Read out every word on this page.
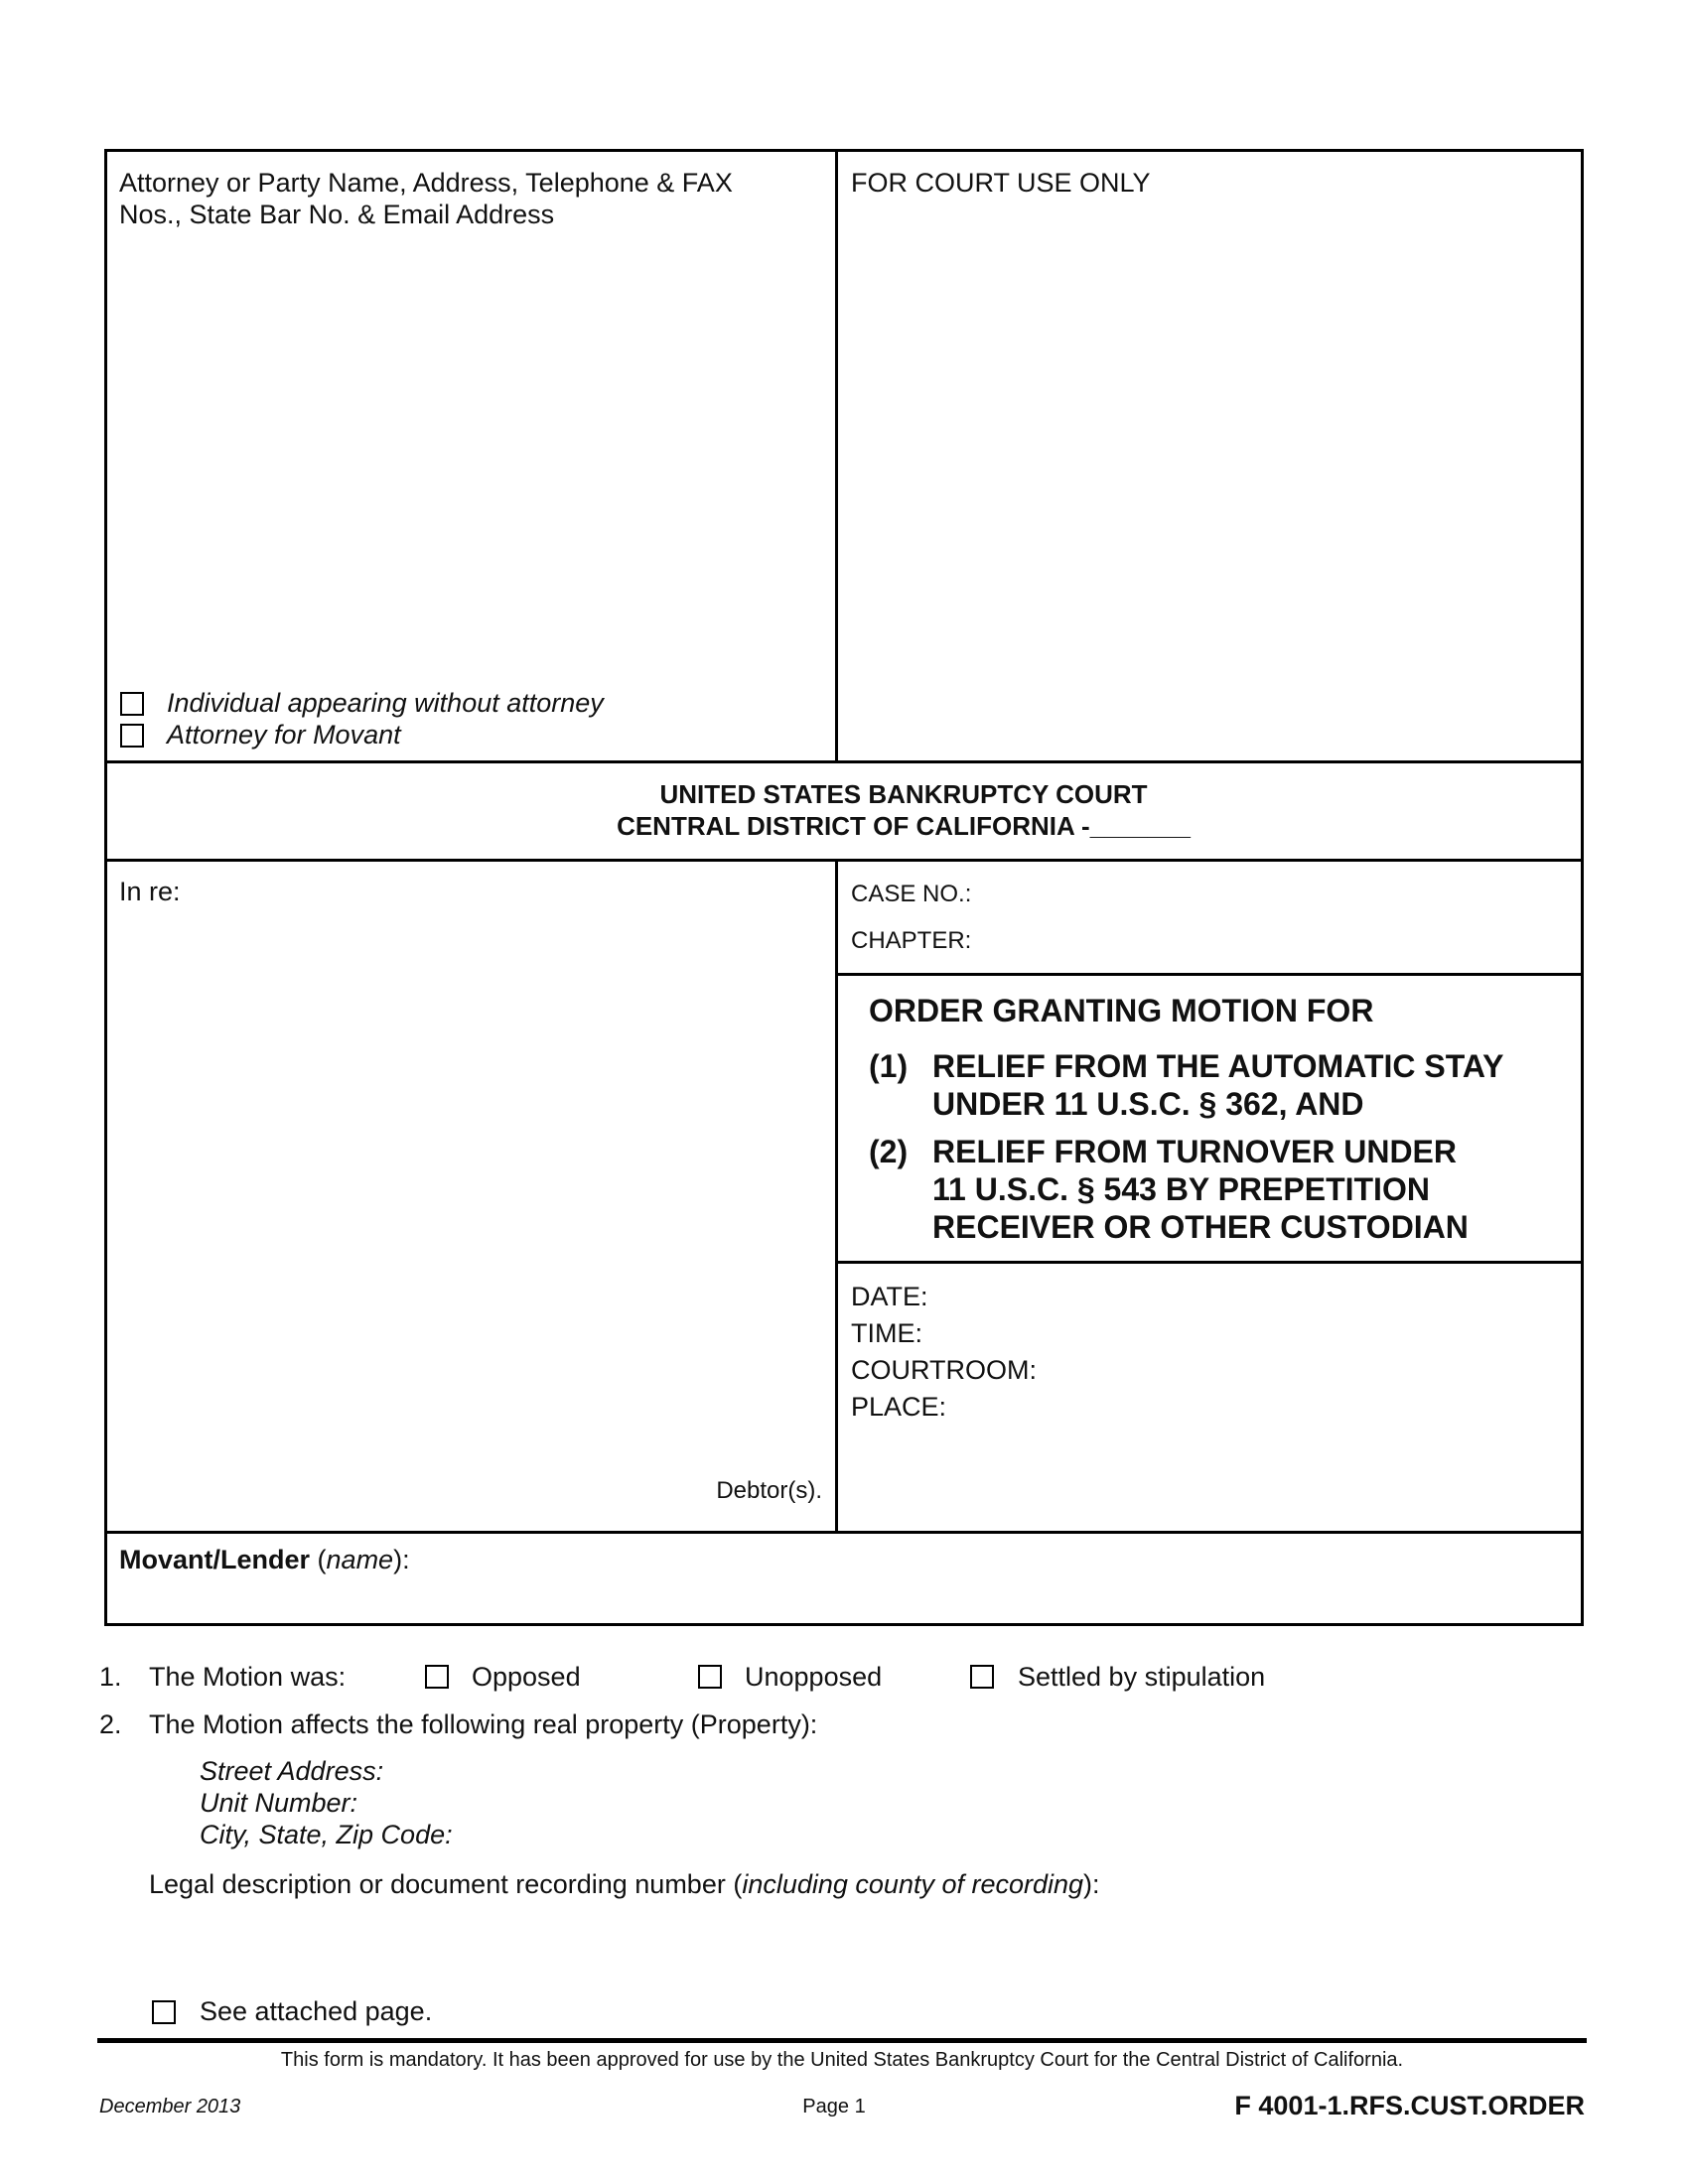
Attorney or Party Name, Address, Telephone & FAX
Nos., State Bar No. & Email Address
Individual appearing without attorney
Attorney for Movant
FOR COURT USE ONLY
UNITED STATES BANKRUPTCY COURT
CENTRAL DISTRICT OF CALIFORNIA -_______
In re:
Debtor(s).
CASE NO.:
CHAPTER:
ORDER GRANTING MOTION FOR
(1) RELIEF FROM THE AUTOMATIC STAY
UNDER 11 U.S.C. § 362, AND
(2) RELIEF FROM TURNOVER UNDER
11 U.S.C. § 543 BY PREPETITION
RECEIVER OR OTHER CUSTODIAN
DATE:
TIME:
COURTROOM:
PLACE:
Movant/Lender (name):
1. The Motion was:	Opposed	Unopposed	Settled by stipulation
2. The Motion affects the following real property (Property):
Street Address:
Unit Number:
City, State, Zip Code:
Legal description or document recording number (including county of recording):
See attached page.
This form is mandatory. It has been approved for use by the United States Bankruptcy Court for the Central District of California.
December 2013	Page 1	F 4001-1.RFS.CUST.ORDER
